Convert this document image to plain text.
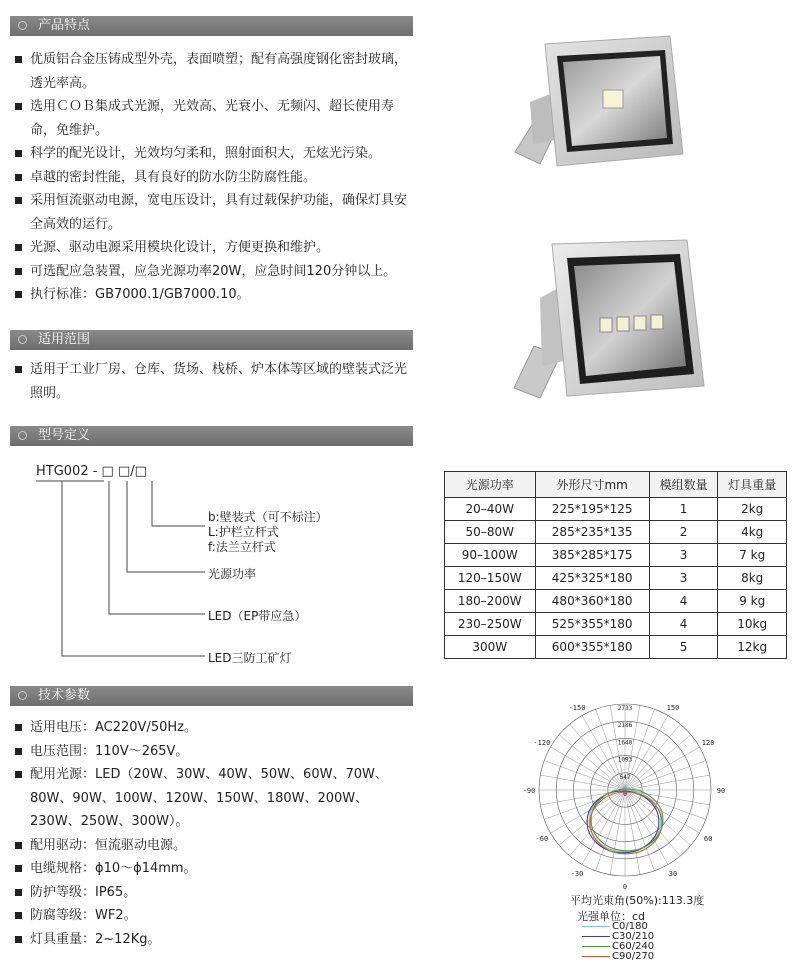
产品特点
优质铝合金压铸成型外壳，表面喷塑；配有高强度钢化密封玻璃，透光率高。
选用ＣＯＢ集成式光源，光效高、光衰小、无频闪、超长使用寿命，免维护。
科学的配光设计，光效均匀柔和，照射面积大，无炫光污染。
卓越的密封性能，具有良好的防水防尘防腐性能。
采用恒流驱动电源，宽电压设计，具有过载保护功能，确保灯具安全高效的运行。
光源、驱动电源采用模块化设计，方便更换和维护。
可选配应急装置，应急光源功率20W，应急时间120分钟以上。
执行标准：GB7000.1/GB7000.10。
适用范围
适用于工业厂房、仓库、货场、栈桥、炉本体等区域的壁装式泛光照明。
型号定义
HTG002 - □ □/□
b:壁装式（可不标注）
L:护栏立杆式
f:法兰立杆式
光源功率
LED（EP带应急）
LED三防工矿灯
技术参数
适用电压：AC220V/50Hz。
电压范围：110V～265V。
配用光源：LED（20W、30W、40W、50W、60W、70W、80W、90W、100W、120W、150W、180W、200W、230W、250W、300W）。
配用驱动：恒流驱动电源。
电缆规格：ϕ10～ϕ14mm。
防护等级：IP65。
防腐等级：WF2。
灯具重量：2~12Kg。
光源功率	外形尺寸mm	模组数量	灯具重量
20–40W	225*195*125	1	2kg
50–80W	285*235*135	2	4kg
90–100W	385*285*175	3	7 kg
120–150W	425*325*180	3	8kg
180–200W	480*360*180	4	9 kg
230–250W	525*355*180	4	10kg
300W	600*355*180	5	12kg
2733
2186
1640
1093
547
0
-150	150
-120	120
-90	90
-60	60
-30	30
0
平均光束角(50%):113.3度
光强单位：cd
C0/180
C30/210
C60/240
C90/270
